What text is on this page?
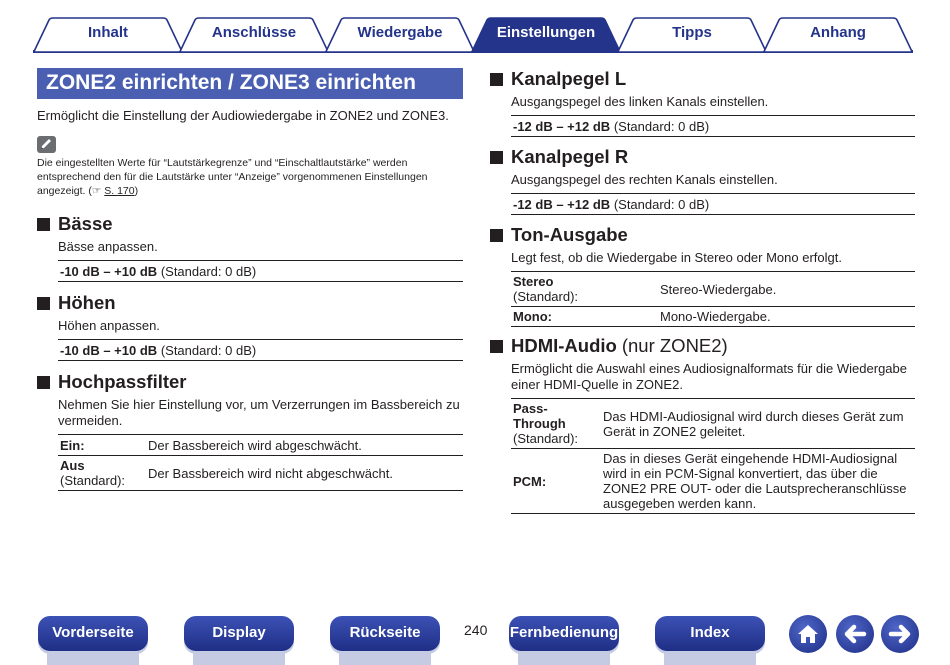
Inhalt	Anschlüsse	Wiedergabe	Einstellungen	Tipps	Anhang
ZONE2 einrichten / ZONE3 einrichten

Ermöglicht die Einstellung der Audiowiedergabe in ZONE2 und ZONE3.

Die eingestellten Werte für “Lautstärkegrenze” und “Einschaltlautstärke” werden entsprechend den für die Lautstärke unter “Anzeige” vorgenommenen Einstellungen angezeigt. (☞ S. 170)

Bässe

Bässe anpassen.

-10 dB – +10 dB (Standard: 0 dB)
Höhen

Höhen anpassen.

-10 dB – +10 dB (Standard: 0 dB)
Hochpassfilter

Nehmen Sie hier Einstellung vor, um Verzerrungen im Bassbereich zu vermeiden.

Ein:	Der Bassbereich wird abgeschwächt.
Aus
(Standard):	Der Bassbereich wird nicht abgeschwächt.
Kanalpegel L

Ausgangspegel des linken Kanals einstellen.

-12 dB – +12 dB (Standard: 0 dB)
Kanalpegel R

Ausgangspegel des rechten Kanals einstellen.

-12 dB – +12 dB (Standard: 0 dB)
Ton-Ausgabe

Legt fest, ob die Wiedergabe in Stereo oder Mono erfolgt.

Stereo
(Standard):	Stereo-Wiedergabe.
Mono:	Mono-Wiedergabe.
HDMI-Audio (nur ZONE2)

Ermöglicht die Auswahl eines Audiosignalformats für die Wiedergabe einer HDMI-Quelle in ZONE2.

Pass-Through
(Standard):	Das HDMI-Audiosignal wird durch dieses Gerät zum Gerät in ZONE2 geleitet.
PCM:	Das in dieses Gerät eingehende HDMI-Audiosignal wird in ein PCM-Signal konvertiert, das über die ZONE2 PRE OUT- oder die Lautsprecheranschlüsse ausgegeben werden kann.
Vorderseite	Display	Rückseite	240 Fernbedienung	Index
